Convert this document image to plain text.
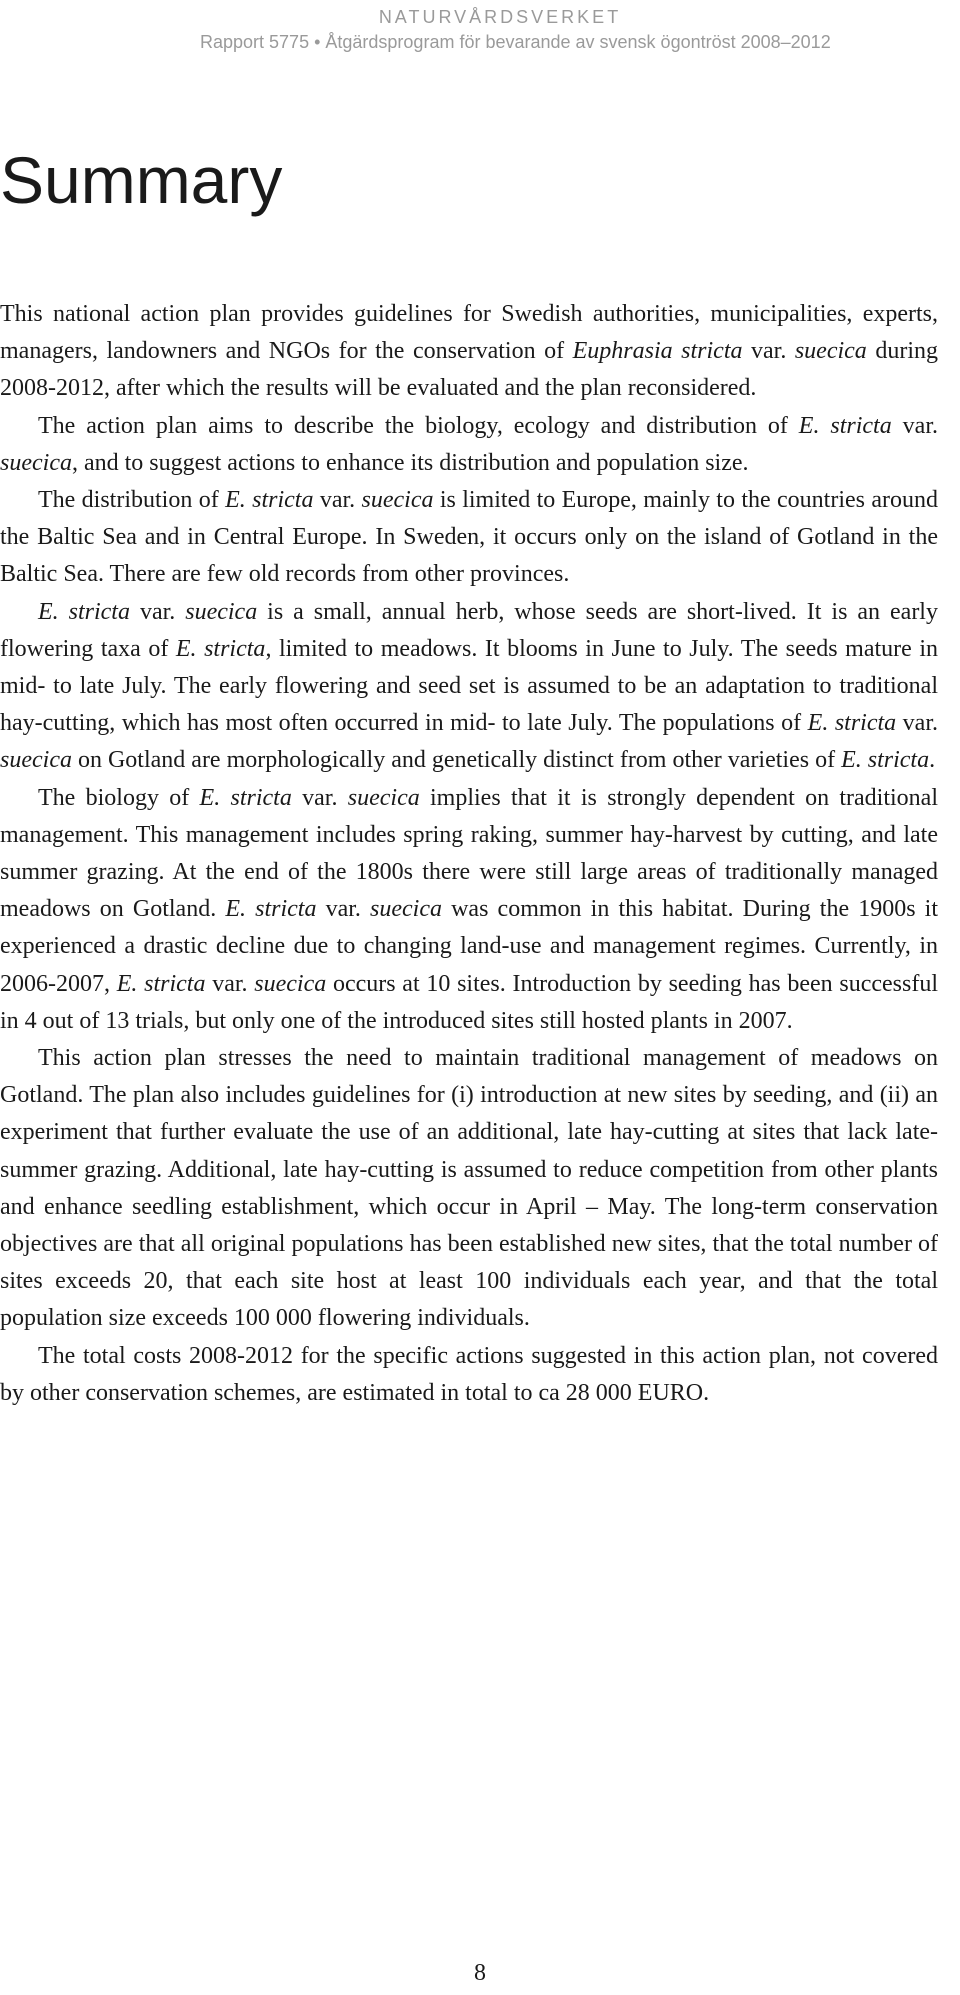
NATURVÅRDSVERKET
Rapport 5775 • Åtgärdsprogram för bevarande av svensk ögontröst 2008–2012
Summary

This national action plan provides guidelines for Swedish authorities, municipalities, experts, managers, landowners and NGOs for the conservation of Euphrasia stricta var. suecica during 2008-2012, after which the results will be evaluated and the plan reconsidered.

The action plan aims to describe the biology, ecology and distribution of E. stricta var. suecica, and to suggest actions to enhance its distribution and population size.

The distribution of E. stricta var. suecica is limited to Europe, mainly to the countries around the Baltic Sea and in Central Europe. In Sweden, it occurs only on the island of Gotland in the Baltic Sea. There are few old records from other provinces.

E. stricta var. suecica is a small, annual herb, whose seeds are short-lived. It is an early flowering taxa of E. stricta, limited to meadows. It blooms in June to July. The seeds mature in mid- to late July. The early flowering and seed set is assumed to be an adaptation to traditional hay-cutting, which has most often occurred in mid- to late July. The populations of E. stricta var. suecica on Gotland are morphologically and genetically distinct from other varieties of E. stricta.

The biology of E. stricta var. suecica implies that it is strongly dependent on traditional management. This management includes spring raking, summer hay-harvest by cutting, and late summer grazing. At the end of the 1800s there were still large areas of traditionally managed meadows on Gotland. E. stricta var. suecica was common in this habitat. During the 1900s it experienced a drastic decline due to changing land-use and management regimes. Currently, in 2006-2007, E. stricta var. suecica occurs at 10 sites. Introduction by seeding has been successful in 4 out of 13 trials, but only one of the introduced sites still hosted plants in 2007.

This action plan stresses the need to maintain traditional management of meadows on Gotland. The plan also includes guidelines for (i) introduction at new sites by seeding, and (ii) an experiment that further evaluate the use of an additional, late hay-cutting at sites that lack late-summer grazing. Additional, late hay-cutting is assumed to reduce competition from other plants and enhance seedling establishment, which occur in April – May. The long-term conservation objectives are that all original populations has been established new sites, that the total number of sites exceeds 20, that each site host at least 100 individuals each year, and that the total population size exceeds 100 000 flowering individuals.

The total costs 2008-2012 for the specific actions suggested in this action plan, not covered by other conservation schemes, are estimated in total to ca 28 000 EURO.

8
